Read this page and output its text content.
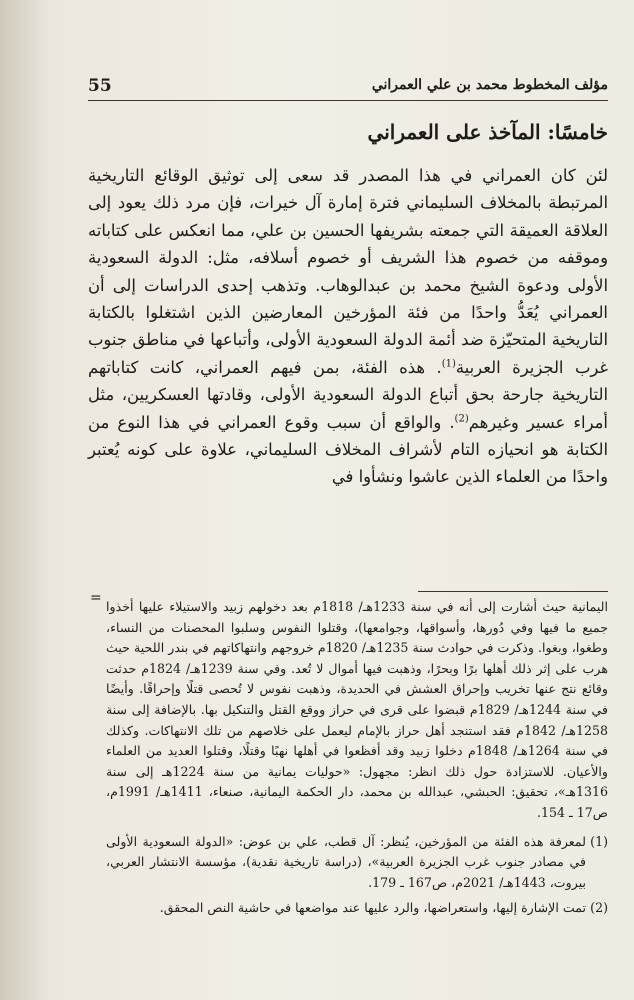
55	مؤلف المخطوط محمد بن علي العمراني
خامسًا: المآخذ على العمراني

لئن كان العمراني في هذا المصدر قد سعى إلى توثيق الوقائع التاريخية المرتبطة بالمخلاف السليماني فترة إمارة آل خيرات، فإن مرد ذلك يعود إلى العلاقة العميقة التي جمعته بشريفها الحسين بن علي، مما انعكس على كتاباته وموقفه من خصوم هذا الشريف أو خصوم أسلافه، مثل: الدولة السعودية الأولى ودعوة الشيخ محمد بن عبدالوهاب. وتذهب إحدى الدراسات إلى أن العمراني يُعَدُّ واحدًا من فئة المؤرخين المعارضين الذين اشتغلوا بالكتابة التاريخية المتحيّزة ضد أئمة الدولة السعودية الأولى، وأتباعها في مناطق جنوب غرب الجزيرة العربية$^{(1)}$. هذه الفئة، بمن فيهم العمراني، كانت كتاباتهم التاريخية جارحة بحق أتباع الدولة السعودية الأولى، وقادتها العسكريين، مثل أمراء عسير وغيرهم$^{(2)}$. والواقع أن سبب وقوع العمراني في هذا النوع من الكتابة هو انحيازه التام لأشراف المخلاف السليماني، علاوة على كونه يُعتبر واحدًا من العلماء الذين عاشوا ونشأوا في

=

اليمانية حيث أشارت إلى أنه في سنة 1233هـ/ 1818م بعد دخولهم زبيد والاستيلاء عليها أخذوا جميع ما فيها وفي دُورها، وأسواقها، وجوامعها)، وقتلوا النفوس وسلبوا المحصنات من النساء، وطغوا، وبغوا. وذكرت في حوادث سنة 1235هـ/ 1820م خروجهم وانتهاكاتهم في بندر اللحية حيث هرب على إثر ذلك أهلها برًا وبحرًا، وذهبت فيها أموال لا تُعد. وفي سنة 1239هـ/ 1824م حدثت وقائع نتج عنها تخريب وإحراق العشش في الحديدة، وذهبت نفوس لا تُحصى قتلًا وإحراقًا. وأيضًا في سنة 1244هـ/ 1829م قبضوا على قرى في حراز ووقع القتل والتنكيل بها. بالإضافة إلى سنة 1258هـ/ 1842م فقد استنجد أهل حراز بالإمام ليعمل على خلاصهم من تلك الانتهاكات. وكذلك في سنة 1264هـ/ 1848م دخلوا زبيد وقد أفظعوا في أهلها نهبًا وقتلًا، وقتلوا العديد من العلماء والأعيان. للاستزادة حول ذلك انظر: مجهول: «حوليات يمانية من سنة 1224هـ إلى سنة 1316هـ»، تحقيق: الحبشي، عبدالله بن محمد، دار الحكمة اليمانية، صنعاء، 1411هـ/ 1991م، ص17 ـ 154.

(1)
لمعرفة هذه الفئة من المؤرخين، يُنظر: آل قطب، علي بن عوض: «الدولة السعودية الأولى في مصادر جنوب غرب الجزيرة العربية»، (دراسة تاريخية نقدية)، مؤسسة الانتشار العربي، بيروت، 1443هـ/ 2021م، ص167 ـ 179.
(2)
تمت الإشارة إليها، واستعراضها، والرد عليها عند مواضعها في حاشية النص المحقق.
